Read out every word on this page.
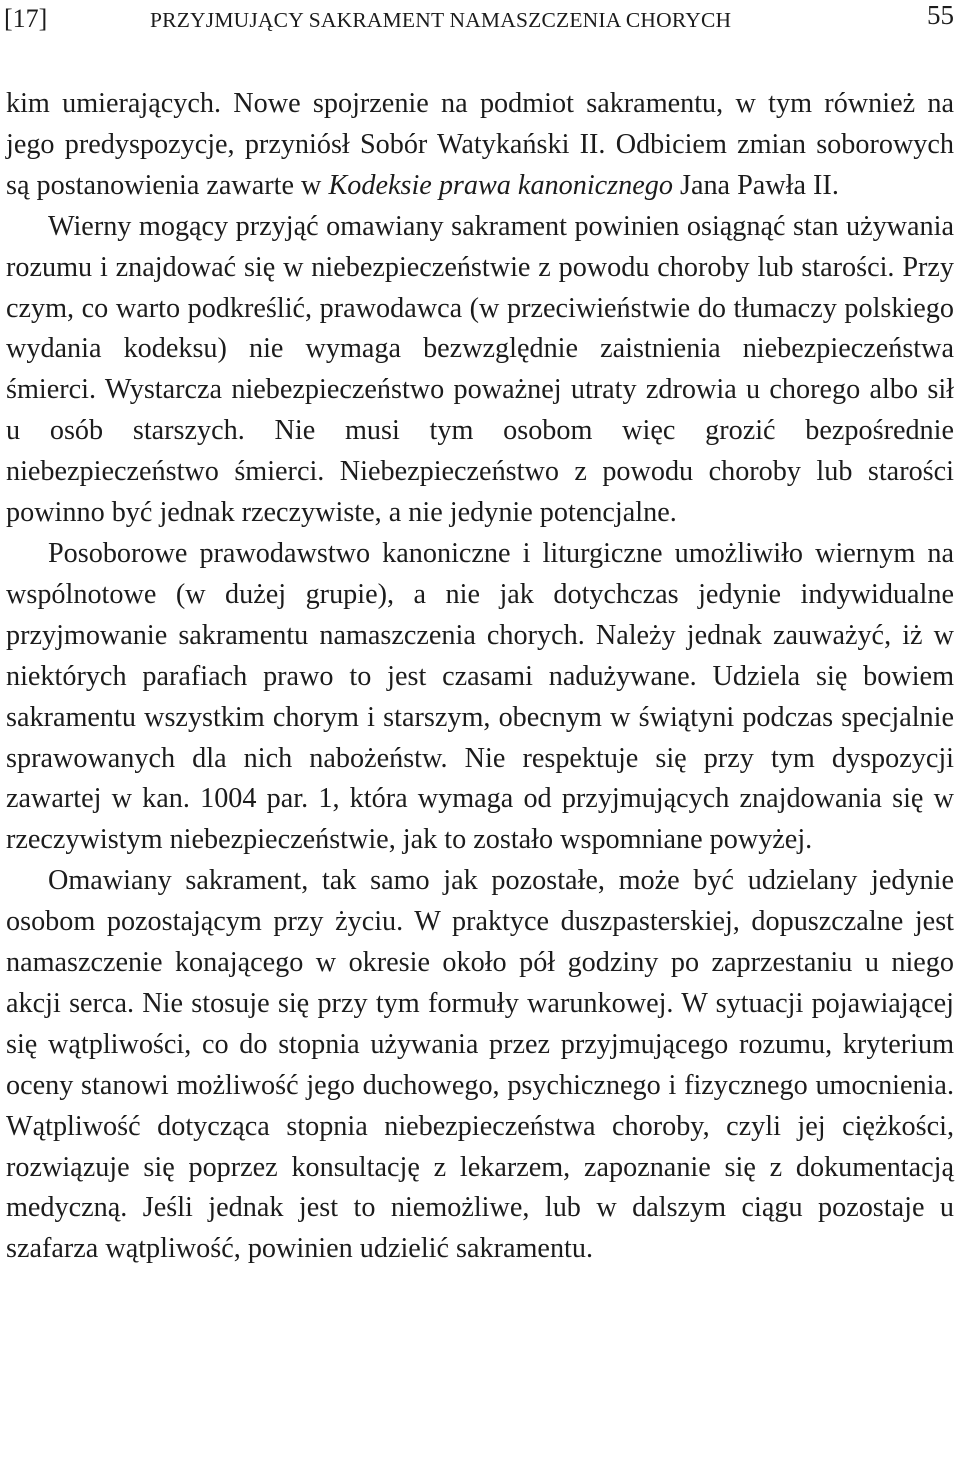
[17]	PRZYJMUJĄCY SAKRAMENT NAMASZCZENIA CHORYCH	55

kim umierających. Nowe spojrzenie na podmiot sakramentu, w tym również na jego predyspozycje, przyniósł Sobór Watykański II. Odbiciem zmian soborowych są postanowienia zawarte w Kodeksie prawa kanonicznego Jana Pawła II.

Wierny mogący przyjąć omawiany sakrament powinien osiągnąć stan używania rozumu i znajdować się w niebezpieczeństwie z powodu choroby lub starości. Przy czym, co warto podkreślić, prawodawca (w przeciwieństwie do tłumaczy polskiego wydania kodeksu) nie wymaga bezwzględnie zaistnienia niebezpieczeństwa śmierci. Wystarcza niebezpieczeństwo poważnej utraty zdrowia u chorego albo sił u osób starszych. Nie musi tym osobom więc grozić bezpośrednie niebezpieczeństwo śmierci. Niebezpieczeństwo z powodu choroby lub starości powinno być jednak rzeczywiste, a nie jedynie potencjalne.

Posoborowe prawodawstwo kanoniczne i liturgiczne umożliwiło wiernym na wspólnotowe (w dużej grupie), a nie jak dotychczas jedynie indywidualne przyjmowanie sakramentu namaszczenia chorych. Należy jednak zauważyć, iż w niektórych parafiach prawo to jest czasami nadużywane. Udziela się bowiem sakramentu wszystkim chorym i starszym, obecnym w świątyni podczas specjalnie sprawowanych dla nich nabożeństw. Nie respektuje się przy tym dyspozycji zawartej w kan. 1004 par. 1, która wymaga od przyjmujących znajdowania się w rzeczywistym niebezpieczeństwie, jak to zostało wspomniane powyżej.

Omawiany sakrament, tak samo jak pozostałe, może być udzielany jedynie osobom pozostającym przy życiu. W praktyce duszpasterskiej, dopuszczalne jest namaszczenie konającego w okresie około pół godziny po zaprzestaniu u niego akcji serca. Nie stosuje się przy tym formuły warunkowej. W sytuacji pojawiającej się wątpliwości, co do stopnia używania przez przyjmującego rozumu, kryterium oceny stanowi możliwość jego duchowego, psychicznego i fizycznego umocnienia. Wątpliwość dotycząca stopnia niebezpieczeństwa choroby, czyli jej ciężkości, rozwiązuje się poprzez konsultację z lekarzem, zapoznanie się z dokumentacją medyczną. Jeśli jednak jest to niemożliwe, lub w dalszym ciągu pozostaje u szafarza wątpliwość, powinien udzielić sakramentu.
